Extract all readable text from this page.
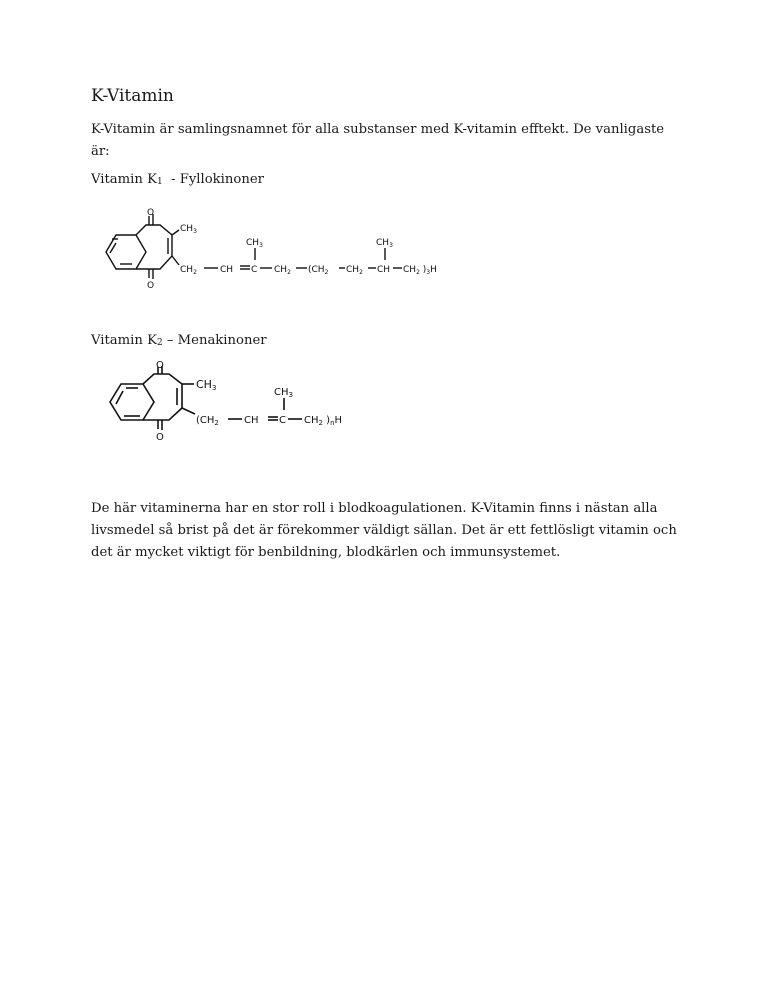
K-Vitamin

K-Vitamin är samlingsnamnet för alla substanser med K-vitamin efftekt. De vanligaste är:

Vitamin $K_1$  - Fyllokinoner

O
O
$CH_3$
$CH_3$	$CH_3$
$CH_2$	CH C $CH_2$ ($CH_2$ $CH_2$ CH $CH_2$ )$_3H$

Vitamin $K_2$ – Menakinoner

O
O
CH3	$CH_3$
($CH_2$	CH C $CH_2$ )$_nH$

De här vitaminerna har en stor roll i blodkoagulationen. K-Vitamin finns i nästan alla livsmedel så brist på det är förekommer väldigt sällan. Det är ett fettlösligt vitamin och det är mycket viktigt för benbildning, blodkärlen och immunsystemet.
